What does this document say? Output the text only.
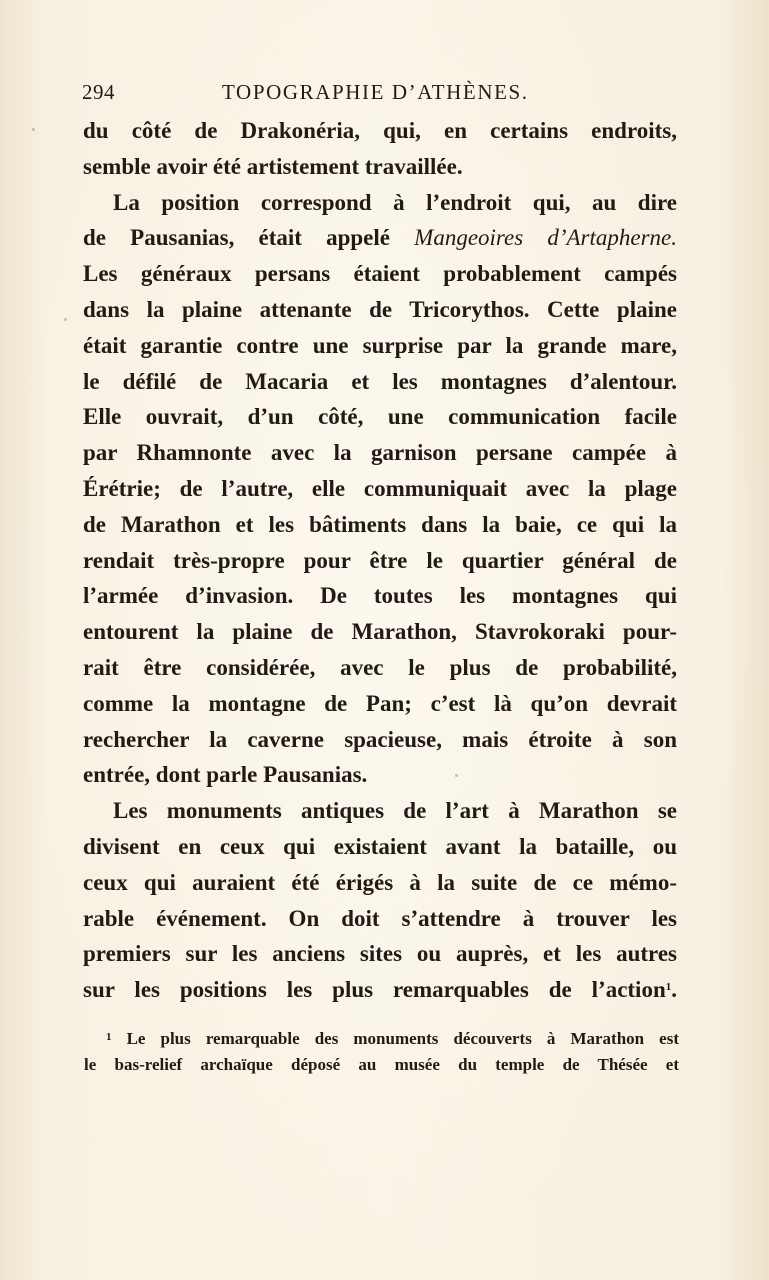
294	TOPOGRAPHIE D’ATHÈNES.
du côté de Drakonéria, qui, en certains endroits,
semble avoir été artistement travaillée.
La position correspond à l’endroit qui, au dire
de Pausanias, était appelé Mangeoires d’Artapherne.
Les généraux persans étaient probablement campés
dans la plaine attenante de Tricorythos. Cette plaine
était garantie contre une surprise par la grande mare,
le défilé de Macaria et les montagnes d’alentour.
Elle ouvrait, d’un côté, une communication facile
par Rhamnonte avec la garnison persane campée à
Érétrie; de l’autre, elle communiquait avec la plage
de Marathon et les bâtiments dans la baie, ce qui la
rendait très-propre pour être le quartier général de
l’armée d’invasion. De toutes les montagnes qui
entourent la plaine de Marathon, Stavrokoraki pour-
rait être considérée, avec le plus de probabilité,
comme la montagne de Pan; c’est là qu’on devrait
rechercher la caverne spacieuse, mais étroite à son
entrée, dont parle Pausanias.
Les monuments antiques de l’art à Marathon se
divisent en ceux qui existaient avant la bataille, ou
ceux qui auraient été érigés à la suite de ce mémo-
rable événement. On doit s’attendre à trouver les
premiers sur les anciens sites ou auprès, et les autres
sur les positions les plus remarquables de l’action$^1$.
$^1$ Le plus remarquable des monuments découverts à Marathon est
le bas-relief archaïque déposé au musée du temple de Thésée et
